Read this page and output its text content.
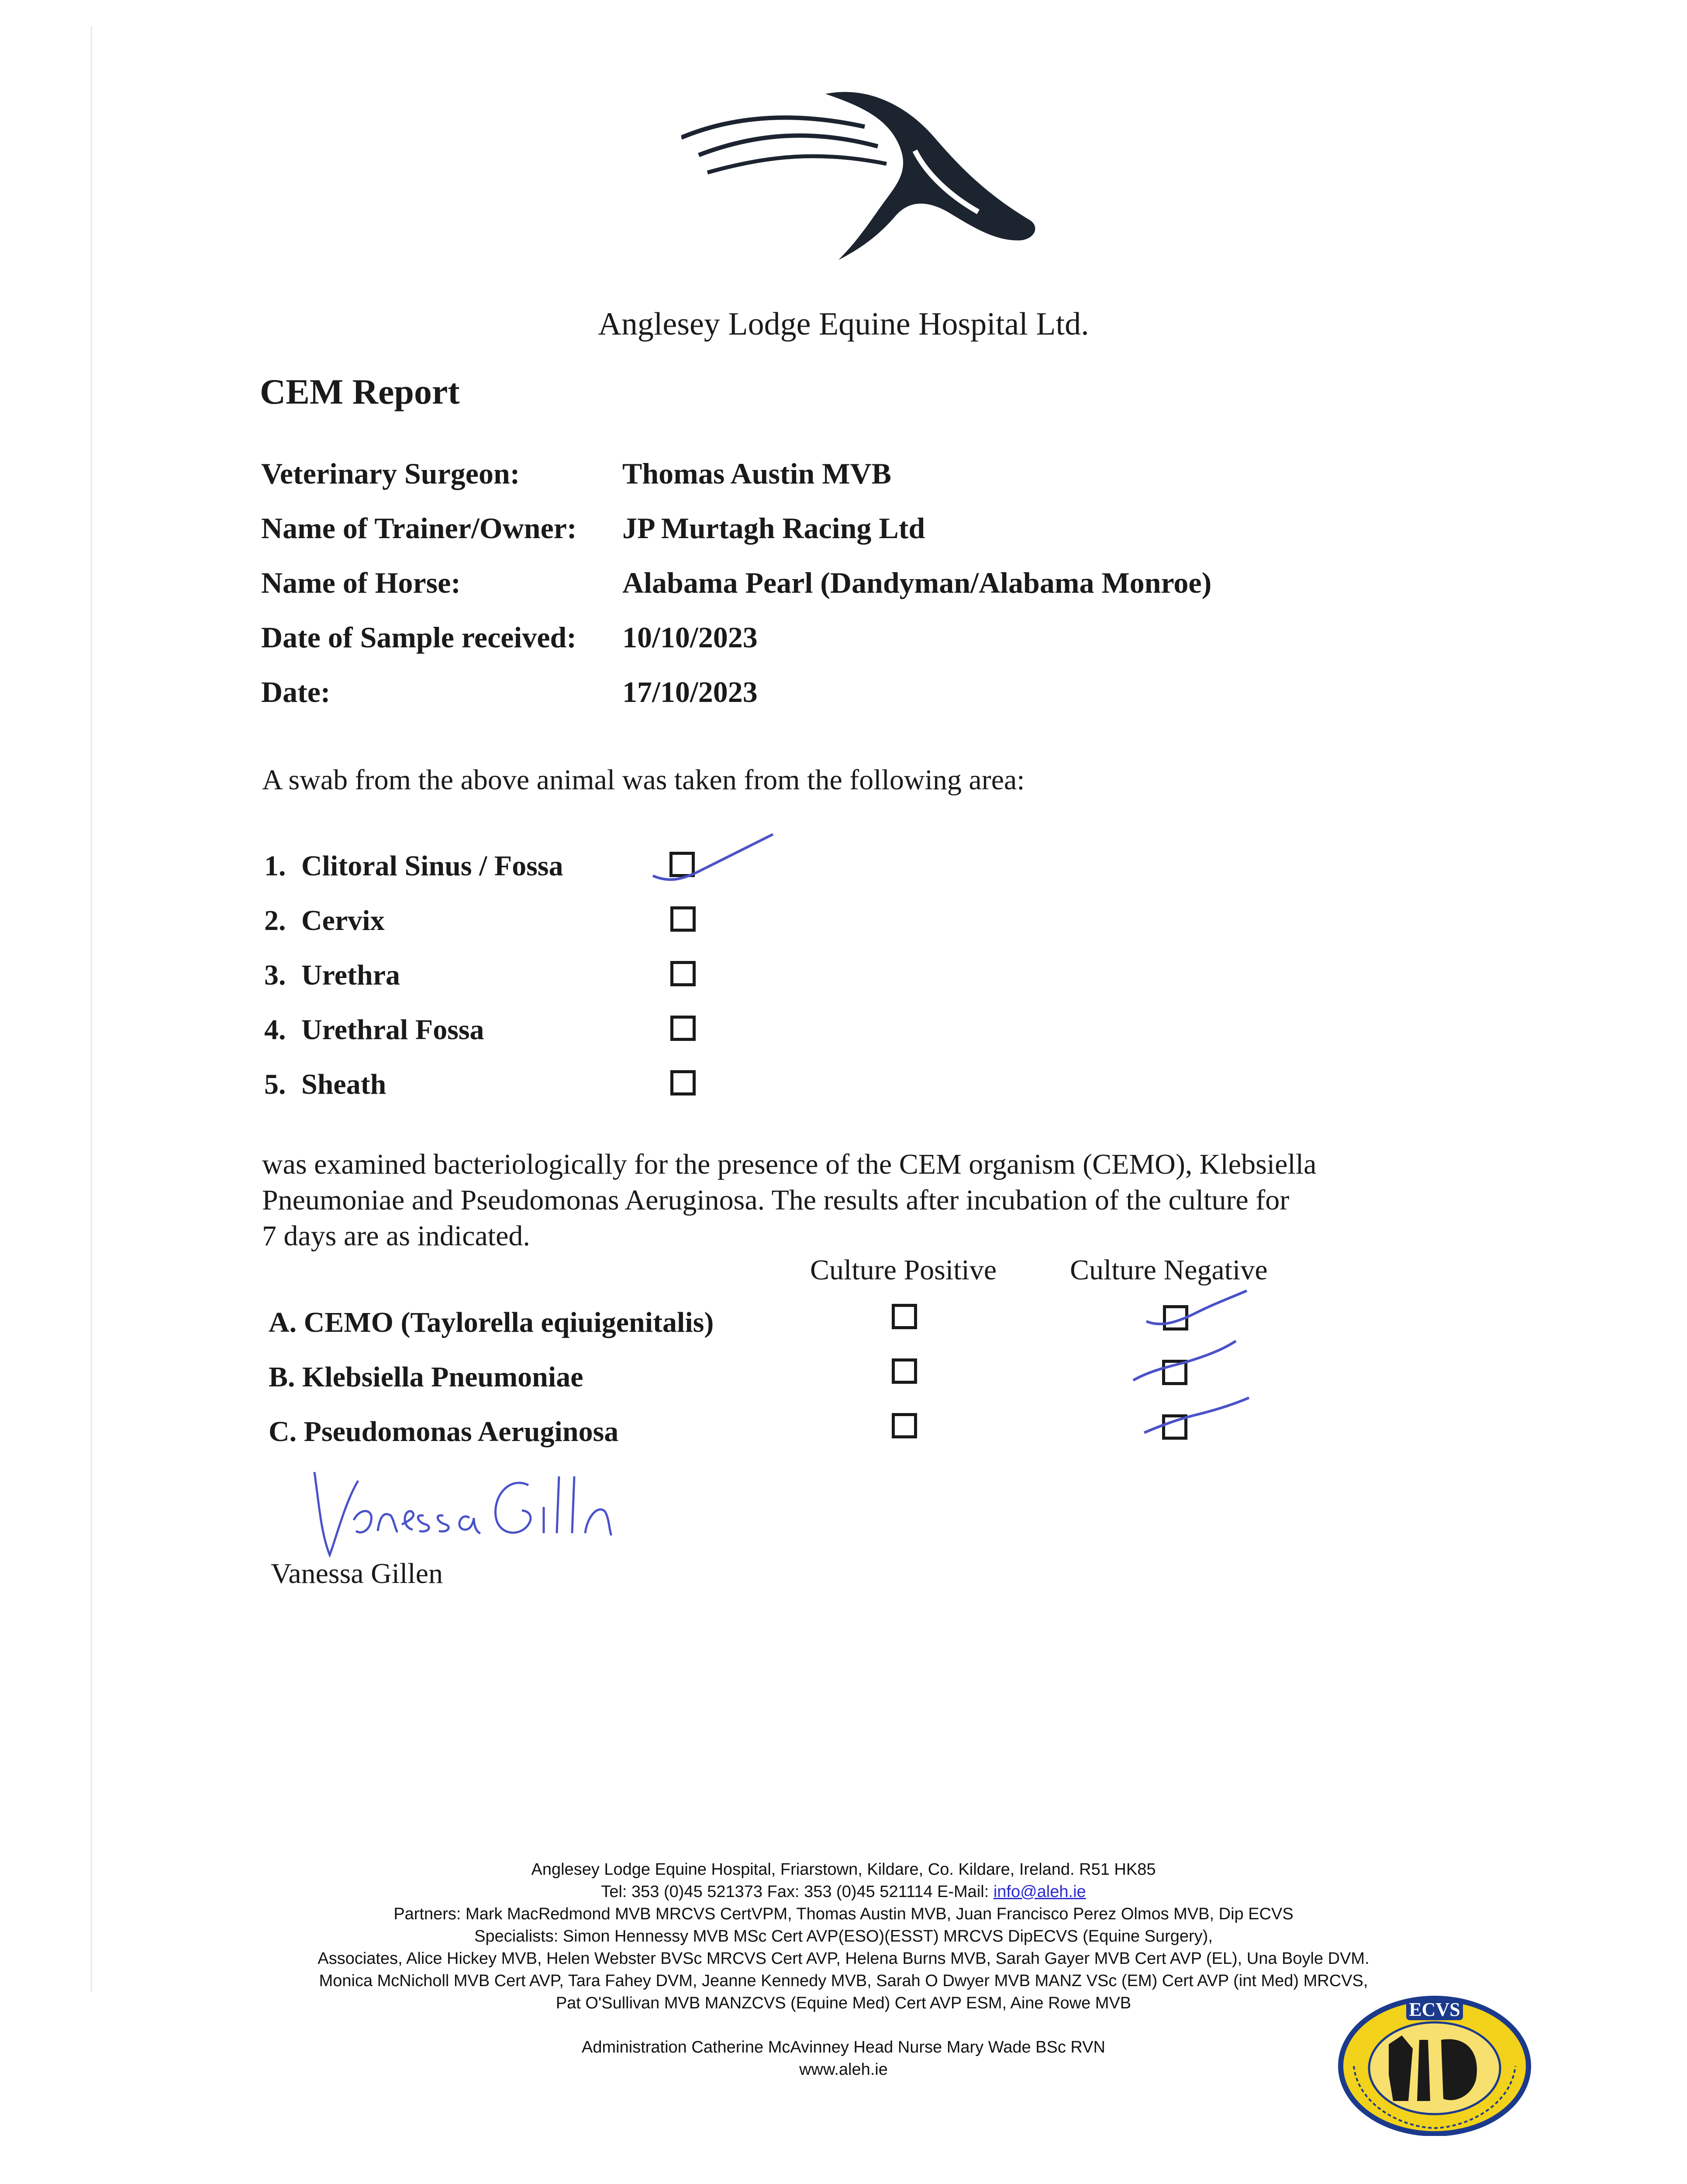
Anglesey Lodge Equine Hospital Ltd.
CEM Report
Veterinary Surgeon:	Thomas Austin MVB
Name of Trainer/Owner: JP Murtagh Racing Ltd
Name of Horse:	Alabama Pearl (Dandyman/Alabama Monroe)
Date of Sample received: 10/10/2023
Date:	17/10/2023
A swab from the above animal was taken from the following area:
1. Clitoral Sinus / Fossa
2. Cervix
3. Urethra
4. Urethral Fossa
5. Sheath
was examined bacteriologically for the presence of the CEM organism (CEMO), Klebsiella
Pneumoniae and Pseudomonas Aeruginosa. The results after incubation of the culture for
7 days are as indicated.
Culture Positive	Culture Negative
A. CEMO (Taylorella eqiuigenitalis)
B. Klebsiella Pneumoniae
C. Pseudomonas Aeruginosa
Vanessa Gillen
Anglesey Lodge Equine Hospital, Friarstown, Kildare, Co. Kildare, Ireland. R51 HK85
Tel: 353 (0)45 521373 Fax: 353 (0)45 521114 E-Mail: info@aleh.ie
Partners: Mark MacRedmond MVB MRCVS CertVPM, Thomas Austin MVB, Juan Francisco Perez Olmos MVB, Dip ECVS
Specialists: Simon Hennessy MVB MSc Cert AVP(ESO)(ESST) MRCVS DipECVS (Equine Surgery),
Associates, Alice Hickey MVB, Helen Webster BVSc MRCVS Cert AVP, Helena Burns MVB, Sarah Gayer MVB Cert AVP (EL), Una Boyle DVM.
Monica McNicholl MVB Cert AVP, Tara Fahey DVM, Jeanne Kennedy MVB, Sarah O Dwyer MVB MANZ VSc (EM) Cert AVP (int Med) MRCVS,
Pat O'Sullivan MVB MANZCVS (Equine Med) Cert AVP ESM, Aine Rowe MVB
Administration Catherine McAvinney Head Nurse Mary Wade BSc RVN
www.aleh.ie
ECVS
